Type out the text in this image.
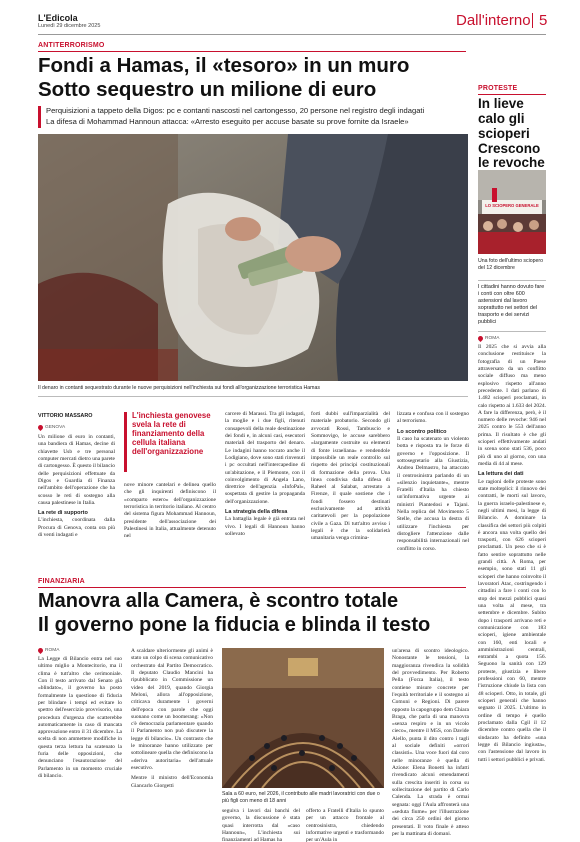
L'Edicola
Lunedì 29 dicembre 2025	Dall'interno 5
ANTITERRORISMO
Fondi a Hamas, il «tesoro» in un muro
Sotto sequestro un milione di euro
Perquisizioni a tappeto della Digos: pc e contanti nascosti nel cartongesso, 20 persone nel registro degli indagati
La difesa di Mohammad Hannoun attacca: «Arresto eseguito per accuse basate su prove fornite da Israele»
Il denaro in contanti sequestrato durante le nuove perquisizioni nell'inchiesta sui fondi all'organizzazione terroristica Hamas
VITTORIO MASSARO
GENOVA
Un milione di euro in contanti, una bandiera di Hamas, decine di chiavette Usb e tre personal computer mercati dietro una parete di cartongesso. È questo il bilancio delle perquisizioni effettuate da Digos e Guardia di Finanza nell'ambito dell'operazione che ha scosso le reti di sostegno alla causa palestinese in Italia.
La rete di supporto
L'inchiesta, coordinata dalla Procura di Genova, conta ora più di venti indagati e
L'inchiesta genovese svela la rete di finanziamento della cellula italiana dell'organizzazione
nove minore cantelari e delinea quello che gli inquirenti definiscono il «comparto estero» dell'organizzazione terroristica in territorio italiano. Al centro del sistema figura Mohammad Hannoun, presidente dell'associazione dei Palestinesi in Italia, attualmente detenuto nel
carcere di Marassi. Tra gli indagati, la moglie e i due figli, ritenuti consapevoli della reale destinazione dei fondi e, in alcuni casi, esecutori materiali del trasporto del denaro. Le indagini hanno toccato anche il Lodigiano, dove sono stati rinvenuti i pc occultati nell'intercapedine di un'abitazione, e il Piemonte, con il coinvolgimento di Angela Lano, direttrice dell'agenzia «InfoPal», sospettata di gestire la propaganda dell'organizzazione.
La strategia della difesa
La battaglia legale è già entrata nel vivo. I legali di Hannoun hanno sollevato
forti dubbi sull'imparzialità del materiale probatorio. Secondo gli avvocati Rossi, Tambuscio e Sommovigo, le accuse sarebbero «largamente costruite su elementi di fonte israeliana» e rendendole impossibile un reale controllo sul rispetto dei principi costituzionali di formazione della prova. Una linea condivisa dalla difesa di Raheel al Salabat, arrestato a Firenze, il quale sostiene che i fondi fossero destinati esclusivamente ad attività caritatevoli per la popolazione civile a Gaza. Di tutt'altro avviso i legali è che la solidarietà umanitaria venga crimina-
lizzata e confusa con il sostegno al terrorismo.
Lo scontro politico
Il caso ha scatenato un violento botta e risposta tra le forze di governo e l'opposizione. Il sottosegretario alla Giustizia, Andrea Delmastro, ha attaccato il centrosinistra parlando di un «silenzio inquietante», mentre Fratelli d'Italia ha chiesto un'informativa urgente ai ministri Piantedosi e Tajani. Nella replica del Movimento 5 Stelle, che accusa la destra di utilizzare l'inchiesta per distogliere l'attenzione dalle responsabilità internazionali nel conflitto in corso.
PROTESTE
In lieve calo gli scioperi Crescono le revoche
LO SCIOPERO GENERALE
Una foto dell'ultimo sciopero del 12 dicembre
I cittadini hanno dovuto fare i conti con oltre 600 astensioni dal lavoro soprattutto nei settori del trasporto e dei servizi pubblici
ROMA
Il 2025 che si avvia alla conclusione restituisce la fotografia di un Paese attraversato da un conflitto sociale diffuso ma meno esplosivo rispetto all'anno precedente. I dati parlano di 1.482 scioperi proclamati, in calo rispetto ai 1.633 del 2024. A fare la differenza, però, è il numero delle revoche: 946 nel 2025 contro le 553 dell'anno prima. Il risultato è che gli scioperi effettivamente andati in scena sono stati 536, poco più di uno al giorno, con una media di 44 al mese.
La lettura dei dati
Le ragioni delle proteste sono state molteplici: il rinnovo dei contratti, le morti sul lavoro, la guerra israelo-palestinese e, negli ultimi mesi, la legge di Bilancio. A dominare la classifica dei settori più colpiti è ancora una volta quello dei trasporti, con 626 scioperi proclamati. Un peso che si è fatto sentire soprattutto nelle grandi città. A Roma, per esempio, sono stati 11 gli scioperi che hanno coinvolto il lavoratori Atac, costringendo i cittadini a fare i conti con lo stop dei mezzi pubblici quasi una volta al mese, tra settembre e dicembre. Subito dopo i trasporti arrivano reti e comunicazione con 183 scioperi, igiene ambientale con 160, enti locali e amministrazioni centrali, entrambi a quota 156. Seguono la sanità con 129 proteste, giustizia e libere professioni con 60, mentre l'istruzione chiude la lista con 48 scioperi. Otto, in totale, gli scioperi generali che hanno segnato il 2025. L'ultimo in ordine di tempo è quello proclamato dalla Cgil il 12 dicembre contro quella che il sindacato ha definito «una legge di Bilancio ingiusta», con l'astensione dal lavoro in tutti i settori pubblici e privati.
FINANZIARIA
Manovra alla Camera, è scontro totale
Il governo pone la fiducia e blinda il testo
ROMA
La Legge di Bilancio entra nel suo ultimo miglio a Montecitorio, ma il clima è tutt'altro che cerimoniale. Con il testo arrivato dal Senato già «blindato», il governo ha posto formalmente la questione di fiducia per blindare i tempi ed evitare lo spettro dell'esercizio provvisorio, una procedura d'urgenza che scatterebbe automaticamente in caso di mancata approvazione entro il 31 dicembre. La scelta di non ammettere modifiche in questa terza lettura ha scatenato la furia delle opposizioni, che denunciano l'esautorazione del Parlamento in un momento cruciale di bilancio.
A scaldare ulteriormente gli animi è stato un colpo di scena comunicativo orchestrato dal Partito Democratico. Il deputato Claudio Mancini ha ripubblicato in Commissione un video del 2019, quando Giorgia Meloni, allora all'opposizione, criticava duramente i governi dell'epoca con parole che oggi suonano come un boomerang: «Non c'è democrazia parlamentare quando il Parlamento non può discutere la legge di bilancio». Un contrasto che le minoranze hanno utilizzato per sottolineare quella che definiscono la «deriva autoritaria» dell'attuale esecutivo.
Mentre il ministro dell'Economia Giancarlo Giorgetti
Sala a 60 euro, nel 2026, il contributo alle madri lavoratrici con due o più figli con meno di 18 anni
seguiva i lavori dai banchi del governo, la discussione è stata quasi interrotta dal «caso Hannoun», L'inchiesta sui finanziamenti ad Hamas ha
offerto a Fratelli d'Italia lo spunto per un attacco frontale al centrosinistra, chiedendo informative urgenti e trasformando per un'Aula in
un'arena di scontro ideologico. Nonostante le tensioni, la maggioranza rivendica la solidità del provvedimento. Per Roberto Pella (Forza Italia), il testo contiene misure concrete per l'equità territoriale e il sostegno ai Comuni e Regioni. Di parere opposto la capogruppo dem Chiara Braga, che parla di una manovra «senza respiro e in un vicolo cieco», mentre il M5S, con Davide Aiello, punta il dito contro i tagli al sociale definiti «orrori classisti». Una voce fuori dal coro nelle minoranze è quella di Azione: Elena Bonetti ha infatti rivendicato alcuni emendamenti sulla crescita inseriti in corsa su sollecitazione del partito di Carlo Calenda. La strada è ormai segnata: oggi l'Aula affronterà una «seduta fiume» per l'illustrazione dei circa 250 ordini del giorno presentati. Il voto finale è atteso per la mattinata di domani.
